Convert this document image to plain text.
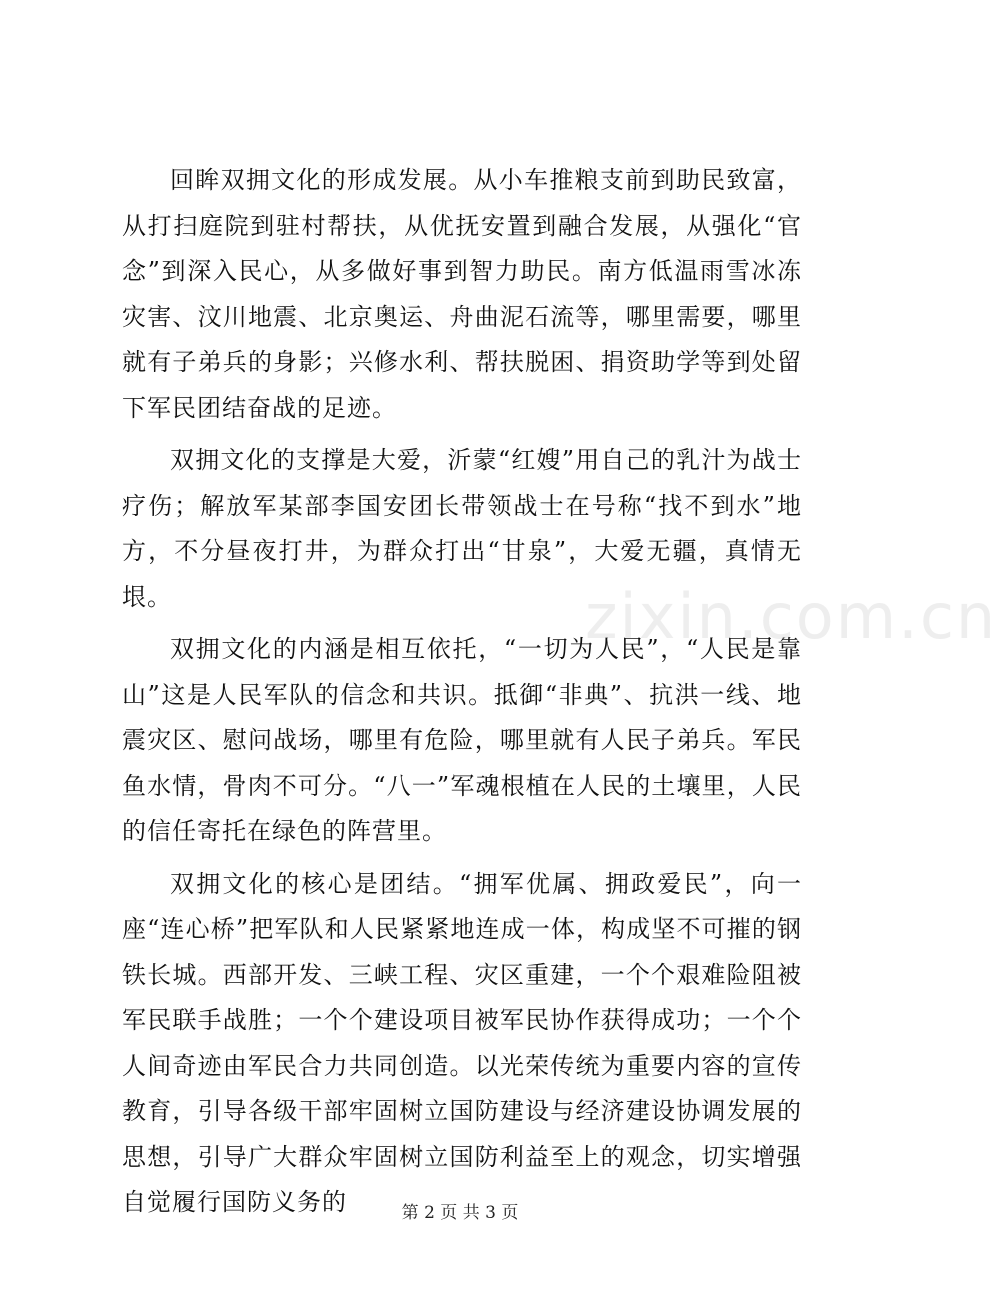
回眸双拥文化的形成发展。从小车推粮支前到助民致富，从打扫庭院到驻村帮扶，从优抚安置到融合发展，从强化“官念”到深入民心，从多做好事到智力助民。南方低温雨雪冰冻灾害、汶川地震、北京奥运、舟曲泥石流等，哪里需要，哪里就有子弟兵的身影；兴修水利、帮扶脱困、捐资助学等到处留下军民团结奋战的足迹。

双拥文化的支撑是大爱，沂蒙“红嫂”用自己的乳汁为战士疗伤；解放军某部李国安团长带领战士在号称“找不到水”地方，不分昼夜打井，为群众打出“甘泉”，大爱无疆，真情无垠。

双拥文化的内涵是相互依托，“一切为人民”，“人民是靠山”这是人民军队的信念和共识。抵御“非典”、抗洪一线、地震灾区、慰问战场，哪里有危险，哪里就有人民子弟兵。军民鱼水情，骨肉不可分。“八一”军魂根植在人民的土壤里，人民的信任寄托在绿色的阵营里。

双拥文化的核心是团结。“拥军优属、拥政爱民”，向一座“连心桥”把军队和人民紧紧地连成一体，构成坚不可摧的钢铁长城。西部开发、三峡工程、灾区重建，一个个艰难险阻被军民联手战胜；一个个建设项目被军民协作获得成功；一个个人间奇迹由军民合力共同创造。以光荣传统为重要内容的宣传教育，引导各级干部牢固树立国防建设与经济建设协调发展的思想，引导广大群众牢固树立国防利益至上的观念，切实增强自觉履行国防义务的

zixin.com.cn
第 2 页 共 3 页
